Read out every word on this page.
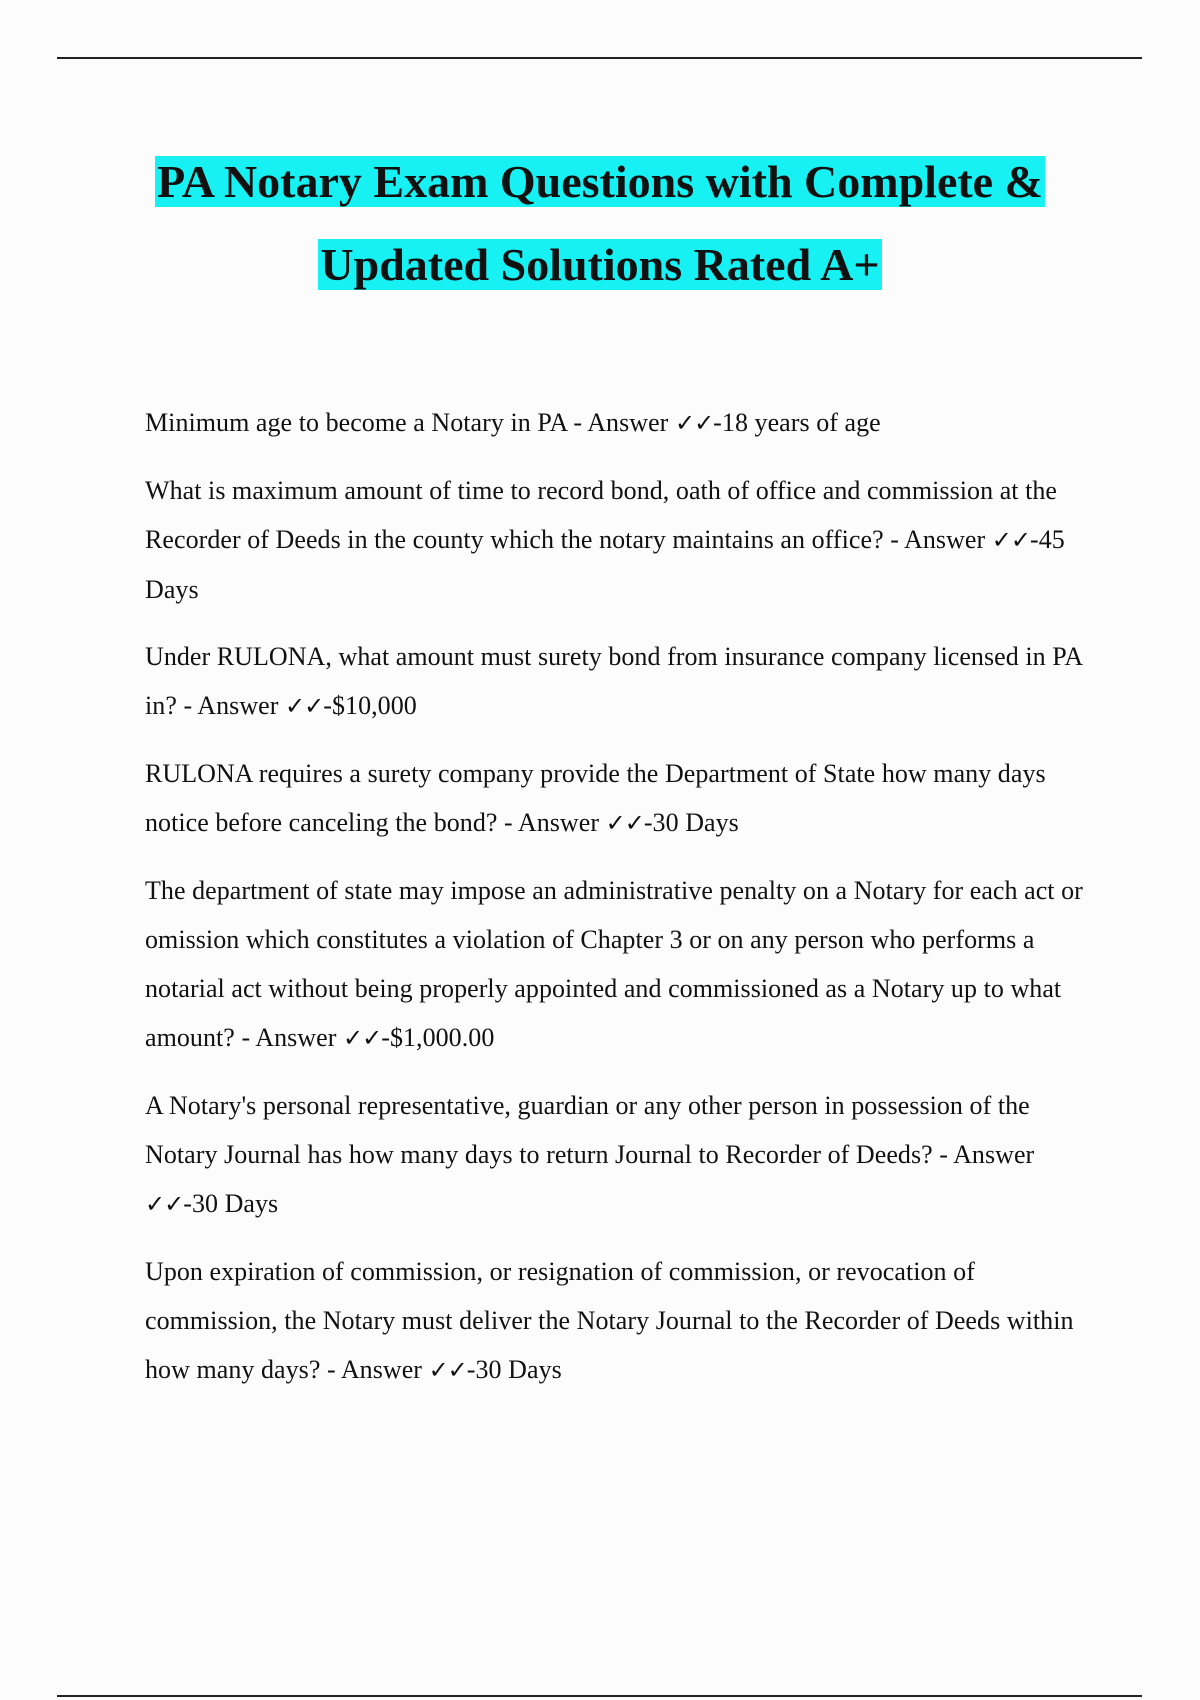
PA Notary Exam Questions with Complete &
Updated Solutions Rated A+

Minimum age to become a Notary in PA - Answer ✓✓-18 years of age

What is maximum amount of time to record bond, oath of office and commission at the Recorder of Deeds in the county which the notary maintains an office? - Answer ✓✓-45 Days

Under RULONA, what amount must surety bond from insurance company licensed in PA in? - Answer ✓✓-$10,000

RULONA requires a surety company provide the Department of State how many days notice before canceling the bond? - Answer ✓✓-30 Days

The department of state may impose an administrative penalty on a Notary for each act or omission which constitutes a violation of Chapter 3 or on any person who performs a notarial act without being properly appointed and commissioned as a Notary up to what amount? - Answer ✓✓-$1,000.00

A Notary's personal representative, guardian or any other person in possession of the Notary Journal has how many days to return Journal to Recorder of Deeds? - Answer ✓✓-30 Days

Upon expiration of commission, or resignation of commission, or revocation of commission, the Notary must deliver the Notary Journal to the Recorder of Deeds within how many days? - Answer ✓✓-30 Days
